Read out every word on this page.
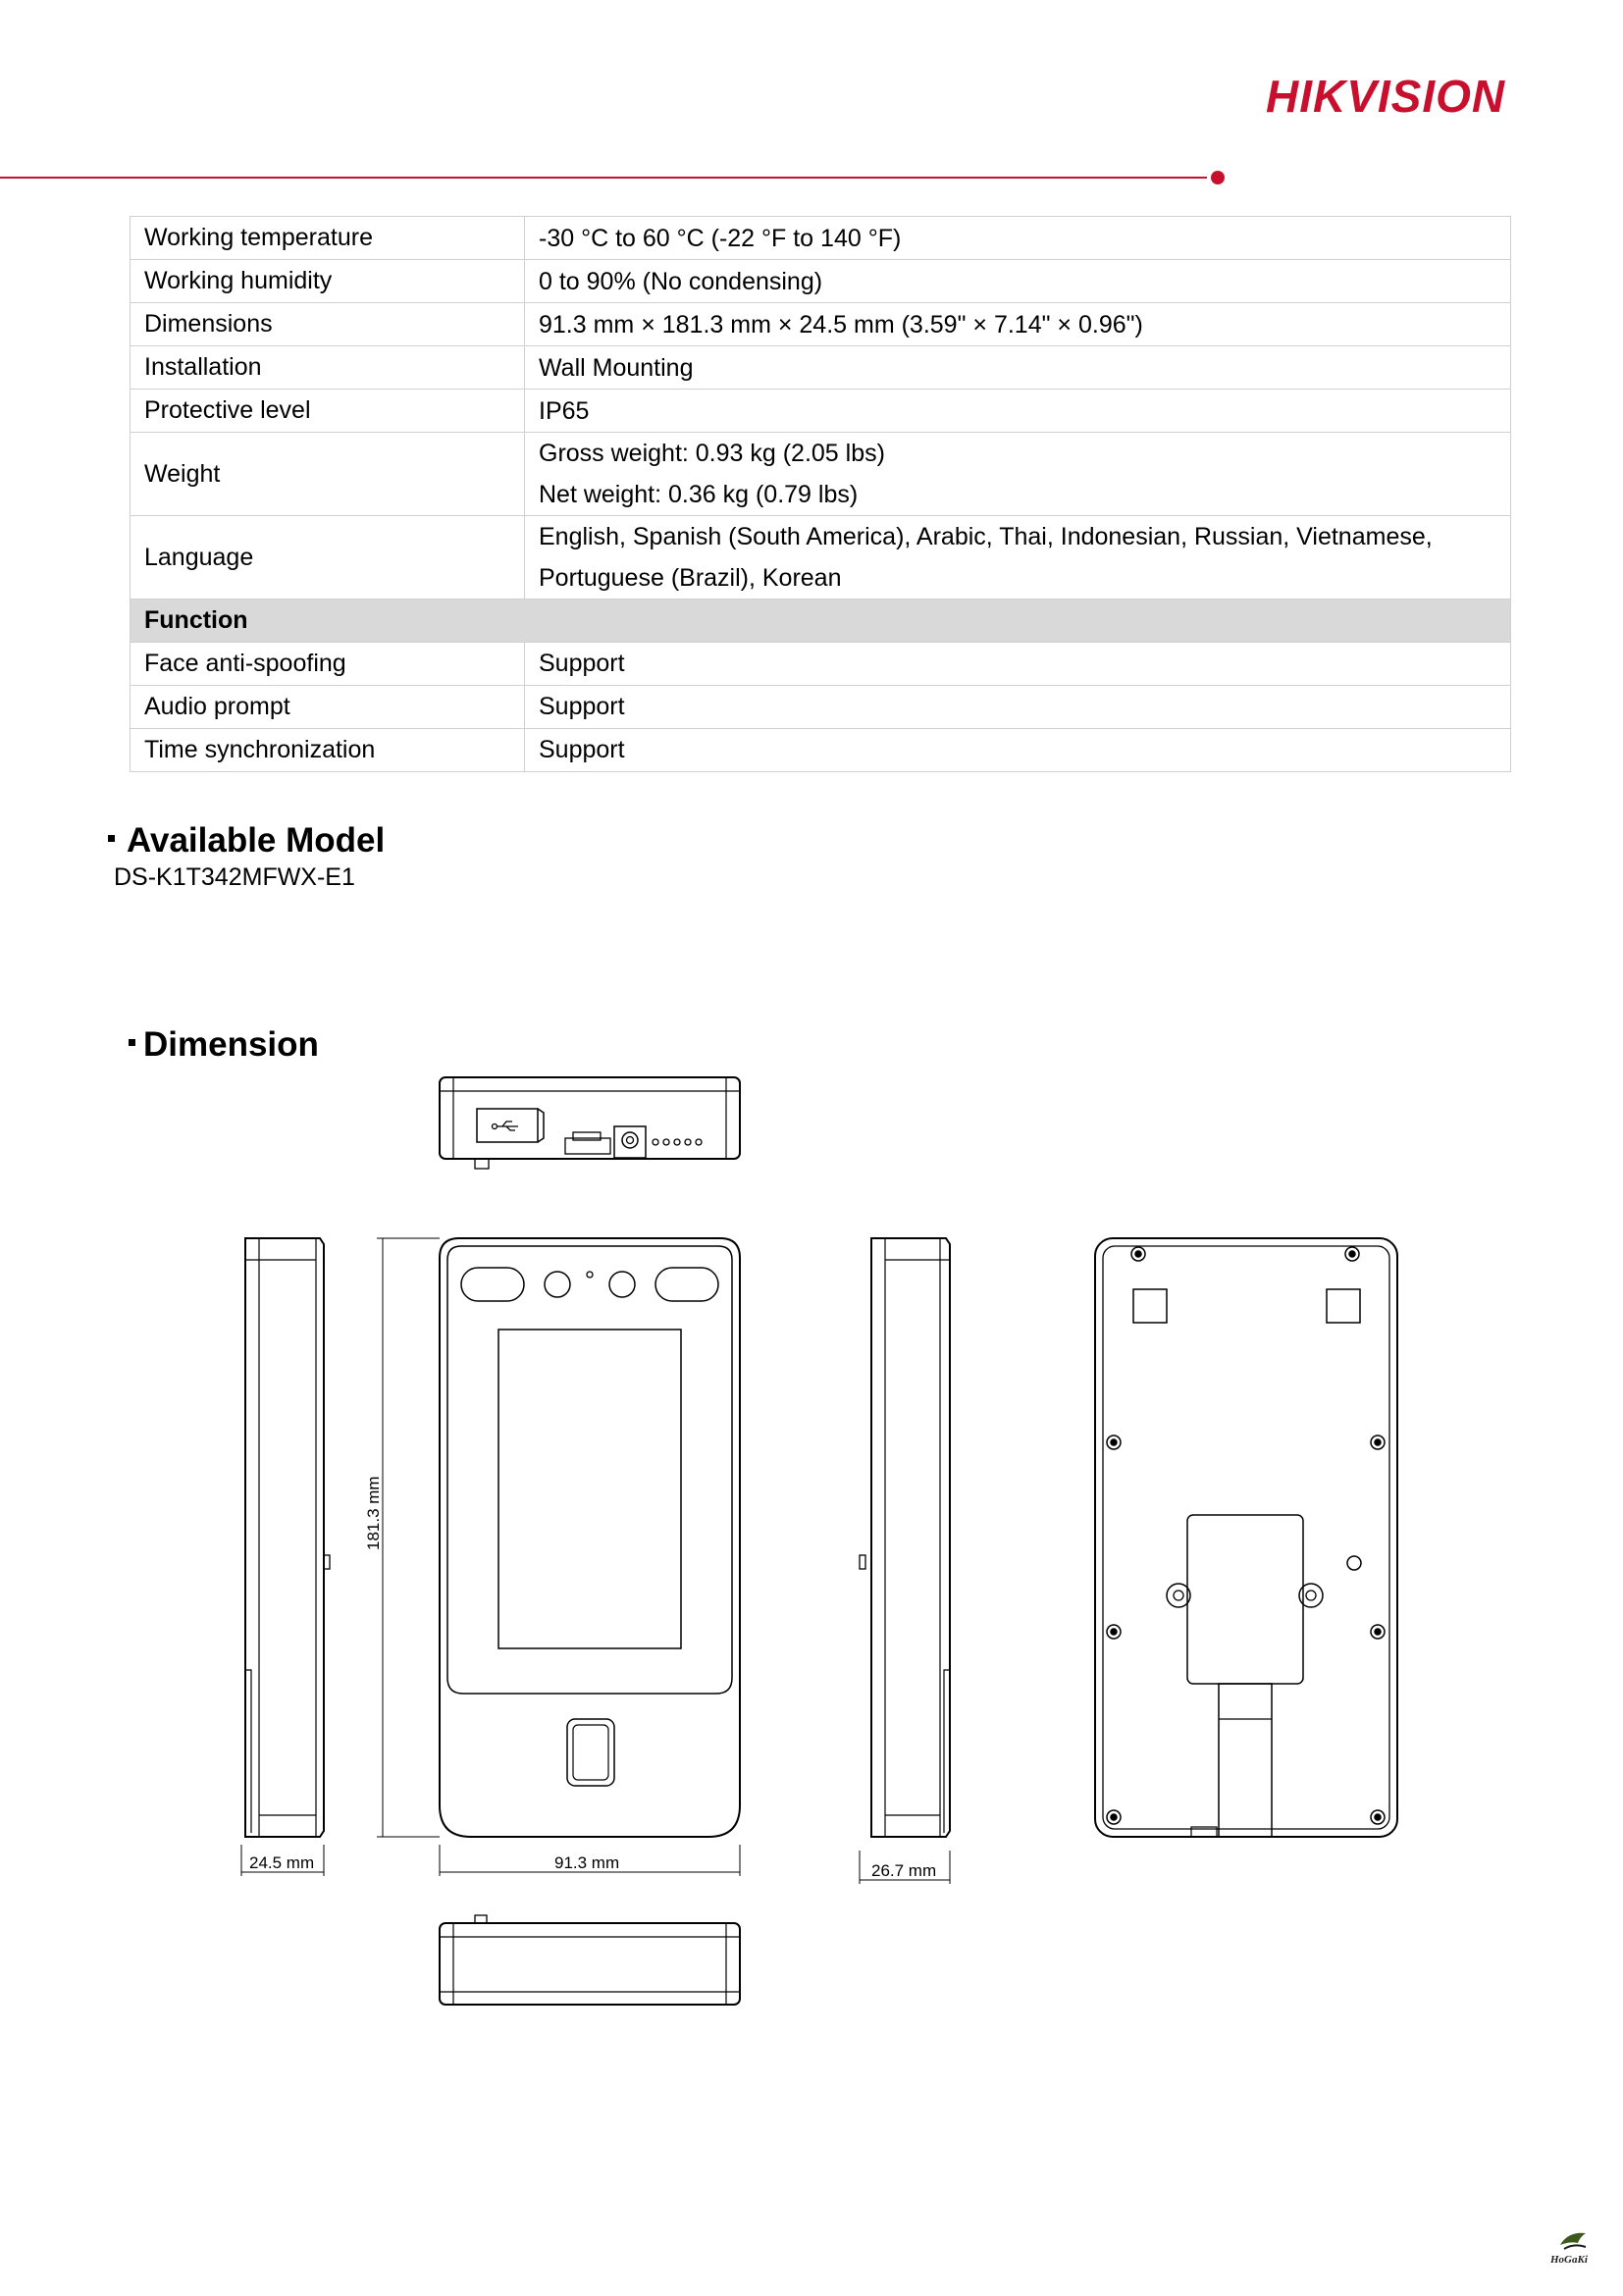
HIKVISION
Working temperature	-30 °C to 60 °C (-22 °F to 140 °F)

Working humidity	0 to 90% (No condensing)

Dimensions	91.3 mm × 181.3 mm × 24.5 mm (3.59" × 7.14" × 0.96")

Installation	Wall Mounting

Protective level	IP65

Weight	Gross weight: 0.93 kg (2.05 lbs)
Net weight: 0.36 kg (0.79 lbs)

Language	English, Spanish (South America), Arabic, Thai, Indonesian, Russian, Vietnamese,
Portuguese (Brazil), Korean

Function	
Face anti-spoofing	Support
Audio prompt	Support
Time synchronization	Support
Available Model
DS-K1T342MFWX-E1
Dimension
24.5 mm	91.3 mm
181.3 mm
26.7 mm
HoGaKi
